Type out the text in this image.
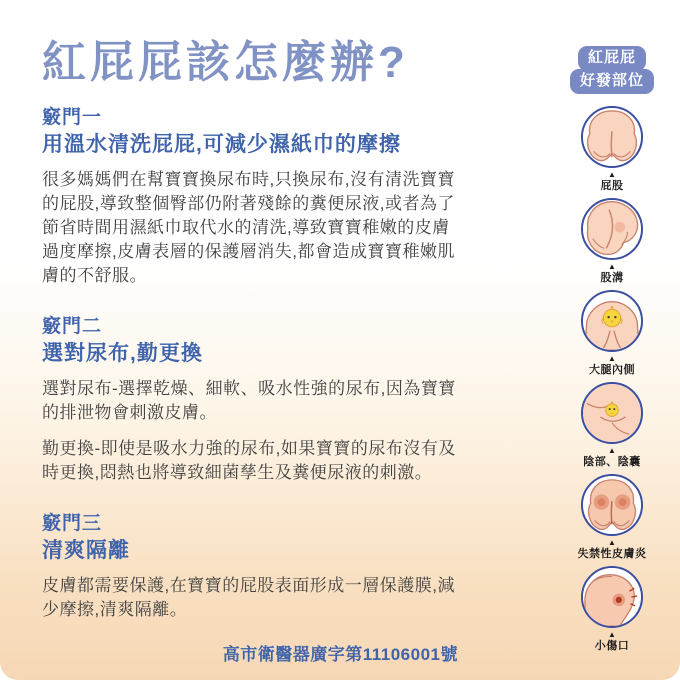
紅屁屁該怎麼辦?
竅門一
用溫水清洗屁屁,可減少濕紙巾的摩擦

很多媽媽們在幫寶寶換尿布時,只換尿布,沒有清洗寶寶的屁股,導致整個臀部仍附著殘餘的糞便尿液,或者為了節省時間用濕紙巾取代水的清洗,導致寶寶稚嫩的皮膚過度摩擦,皮膚表層的保護層消失,都會造成寶寶稚嫩肌膚的不舒服。

竅門二
選對尿布,勤更換

選對尿布-選擇乾燥、細軟、吸水性強的尿布,因為寶寶的排泄物會刺激皮膚。

勤更換-即使是吸水力強的尿布,如果寶寶的尿布沒有及時更換,悶熱也將導致細菌孳生及糞便尿液的刺激。

竅門三
清爽隔離

皮膚都需要保護,在寶寶的屁股表面形成一層保護膜,減少摩擦,清爽隔離。

高市衛醫器廣字第11106001號
紅屁屁
好發部位
▲
屁股
▲
股溝
▲
大腿內側
▲
陰部、陰囊
▲
失禁性皮膚炎
▲
小傷口
